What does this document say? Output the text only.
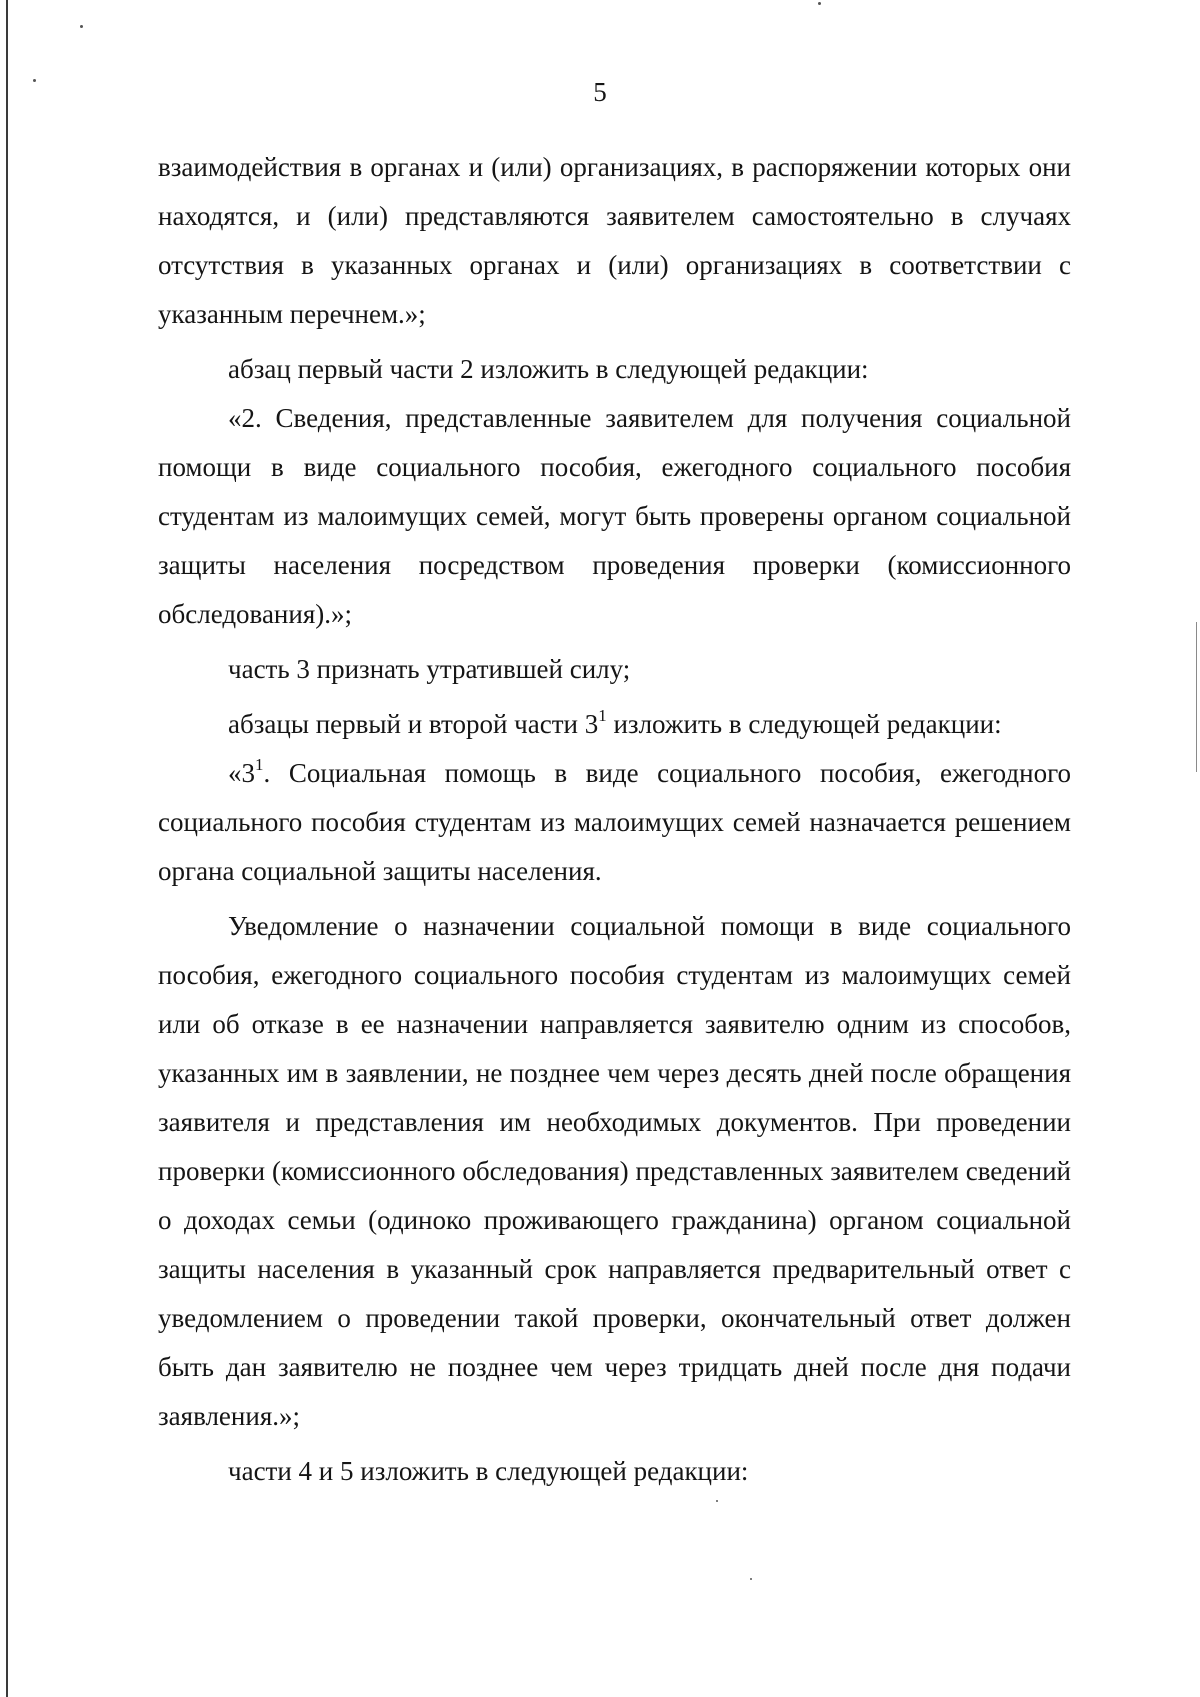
5

взаимодействия в органах и (или) организациях, в распоряжении которых они находятся, и (или) представляются заявителем самостоятельно в случаях отсутствия в указанных органах и (или) организациях в соответствии с указанным перечнем.»;

абзац первый части 2 изложить в следующей редакции:

«2. Сведения, представленные заявителем для получения социальной помощи в виде социального пособия, ежегодного социального пособия студентам из малоимущих семей, могут быть проверены органом социальной защиты населения посредством проведения проверки (комиссионного обследования).»;

часть 3 признать утратившей силу;

абзацы первый и второй части $3^1$ изложить в следующей редакции:

«$3^1$. Социальная помощь в виде социального пособия, ежегодного социального пособия студентам из малоимущих семей назначается решением органа социальной защиты населения.

Уведомление о назначении социальной помощи в виде социального пособия, ежегодного социального пособия студентам из малоимущих семей или об отказе в ее назначении направляется заявителю одним из способов, указанных им в заявлении, не позднее чем через десять дней после обращения заявителя и представления им необходимых документов. При проведении проверки (комиссионного обследования) представленных заявителем сведений о доходах семьи (одиноко проживающего гражданина) органом социальной защиты населения в указанный срок направляется предварительный ответ с уведомлением о проведении такой проверки, окончательный ответ должен быть дан заявителю не позднее чем через тридцать дней после дня подачи заявления.»;

части 4 и 5 изложить в следующей редакции:
